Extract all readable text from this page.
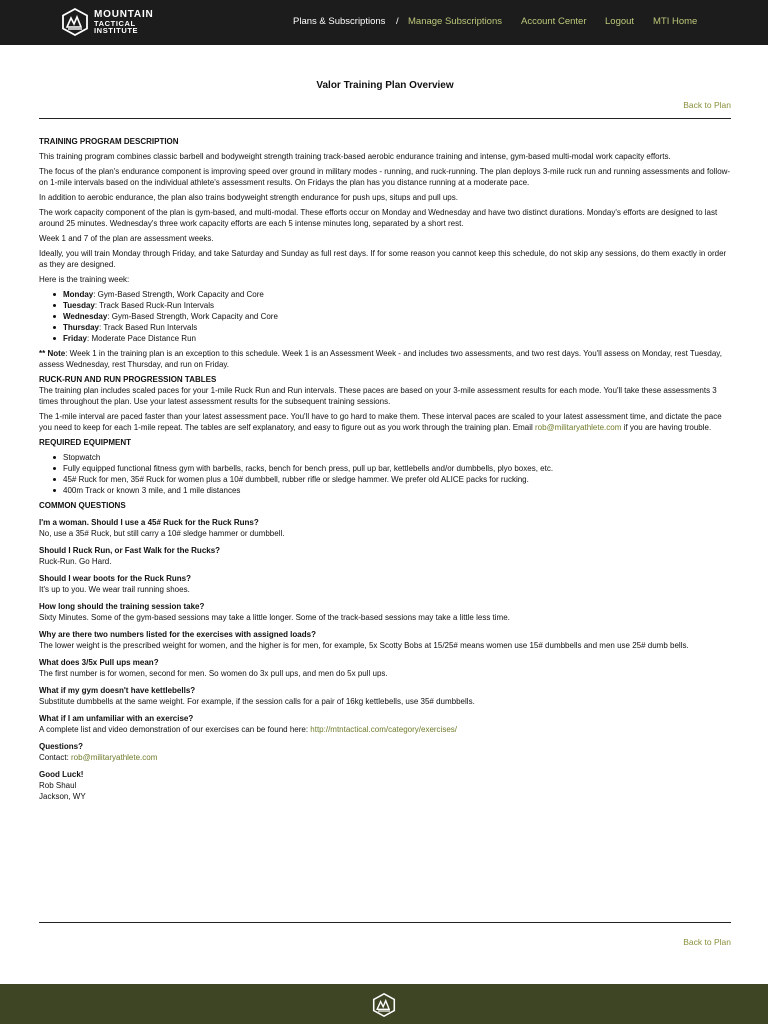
MOUNTAIN
TACTICAL
INSTITUTE
Plans & Subscriptions / Manage Subscriptions Account Center Logout MTI Home
Valor Training Plan Overview
Back to Plan
TRAINING PROGRAM DESCRIPTION

This training program combines classic barbell and bodyweight strength training track-based aerobic endurance training and intense, gym-based multi-modal work capacity efforts.

The focus of the plan's endurance component is improving speed over ground in military modes - running, and ruck-running. The plan deploys 3-mile ruck run and running assessments and follow-on 1-mile intervals based on the individual athlete's assessment results. On Fridays the plan has you distance running at a moderate pace.

In addition to aerobic endurance, the plan also trains bodyweight strength endurance for push ups, situps and pull ups.

The work capacity component of the plan is gym-based, and multi-modal. These efforts occur on Monday and Wednesday and have two distinct durations. Monday's efforts are designed to last around 25 minutes. Wednesday's three work capacity efforts are each 5 intense minutes long, separated by a short rest.

Week 1 and 7 of the plan are assessment weeks.

Ideally, you will train Monday through Friday, and take Saturday and Sunday as full rest days. If for some reason you cannot keep this schedule, do not skip any sessions, do them exactly in order as they are designed.

Here is the training week:

Monday: Gym-Based Strength, Work Capacity and Core
Tuesday: Track Based Ruck-Run Intervals
Wednesday: Gym-Based Strength, Work Capacity and Core
Thursday: Track Based Run Intervals
Friday: Moderate Pace Distance Run

** Note: Week 1 in the training plan is an exception to this schedule. Week 1 is an Assessment Week - and includes two assessments, and two rest days. You'll assess on Monday, rest Tuesday, assess Wednesday, rest Thursday, and run on Friday.

RUCK-RUN AND RUN PROGRESSION TABLES

The training plan includes scaled paces for your 1-mile Ruck Run and Run intervals. These paces are based on your 3-mile assessment results for each mode. You'll take these assessments 3 times throughout the plan. Use your latest assessment results for the subsequent training sessions.

The 1-mile interval are paced faster than your latest assessment pace. You'll have to go hard to make them. These interval paces are scaled to your latest assessment time, and dictate the pace you need to keep for each 1-mile repeat. The tables are self explanatory, and easy to figure out as you work through the training plan. Email rob@militaryathlete.com if you are having trouble.

REQUIRED EQUIPMENT
Stopwatch
Fully equipped functional fitness gym with barbells, racks, bench for bench press, pull up bar, kettlebells and/or dumbbells, plyo boxes, etc.
45# Ruck for men, 35# Ruck for women plus a 10# dumbbell, rubber rifle or sledge hammer. We prefer old ALICE packs for rucking.
400m Track or known 3 mile, and 1 mile distances
COMMON QUESTIONS
I'm a woman. Should I use a 45# Ruck for the Ruck Runs?
No, use a 35# Ruck, but still carry a 10# sledge hammer or dumbbell.
Should I Ruck Run, or Fast Walk for the Rucks?
Ruck-Run. Go Hard.
Should I wear boots for the Ruck Runs?
It's up to you. We wear trail running shoes.
How long should the training session take?
Sixty Minutes. Some of the gym-based sessions may take a little longer. Some of the track-based sessions may take a little less time.
Why are there two numbers listed for the exercises with assigned loads?
The lower weight is the prescribed weight for women, and the higher is for men, for example, 5x Scotty Bobs at 15/25# means women use 15# dumbbells and men use 25# dumb bells.
What does 3/5x Pull ups mean?
The first number is for women, second for men. So women do 3x pull ups, and men do 5x pull ups.
What if my gym doesn't have kettlebells?
Substitute dumbbells at the same weight. For example, if the session calls for a pair of 16kg kettlebells, use 35# dumbbells.
What if I am unfamiliar with an exercise?
A complete list and video demonstration of our exercises can be found here: http://mtntactical.com/category/exercises/
Questions?
Contact: rob@militaryathlete.com
Good Luck!
Rob Shaul
Jackson, WY
Back to Plan
